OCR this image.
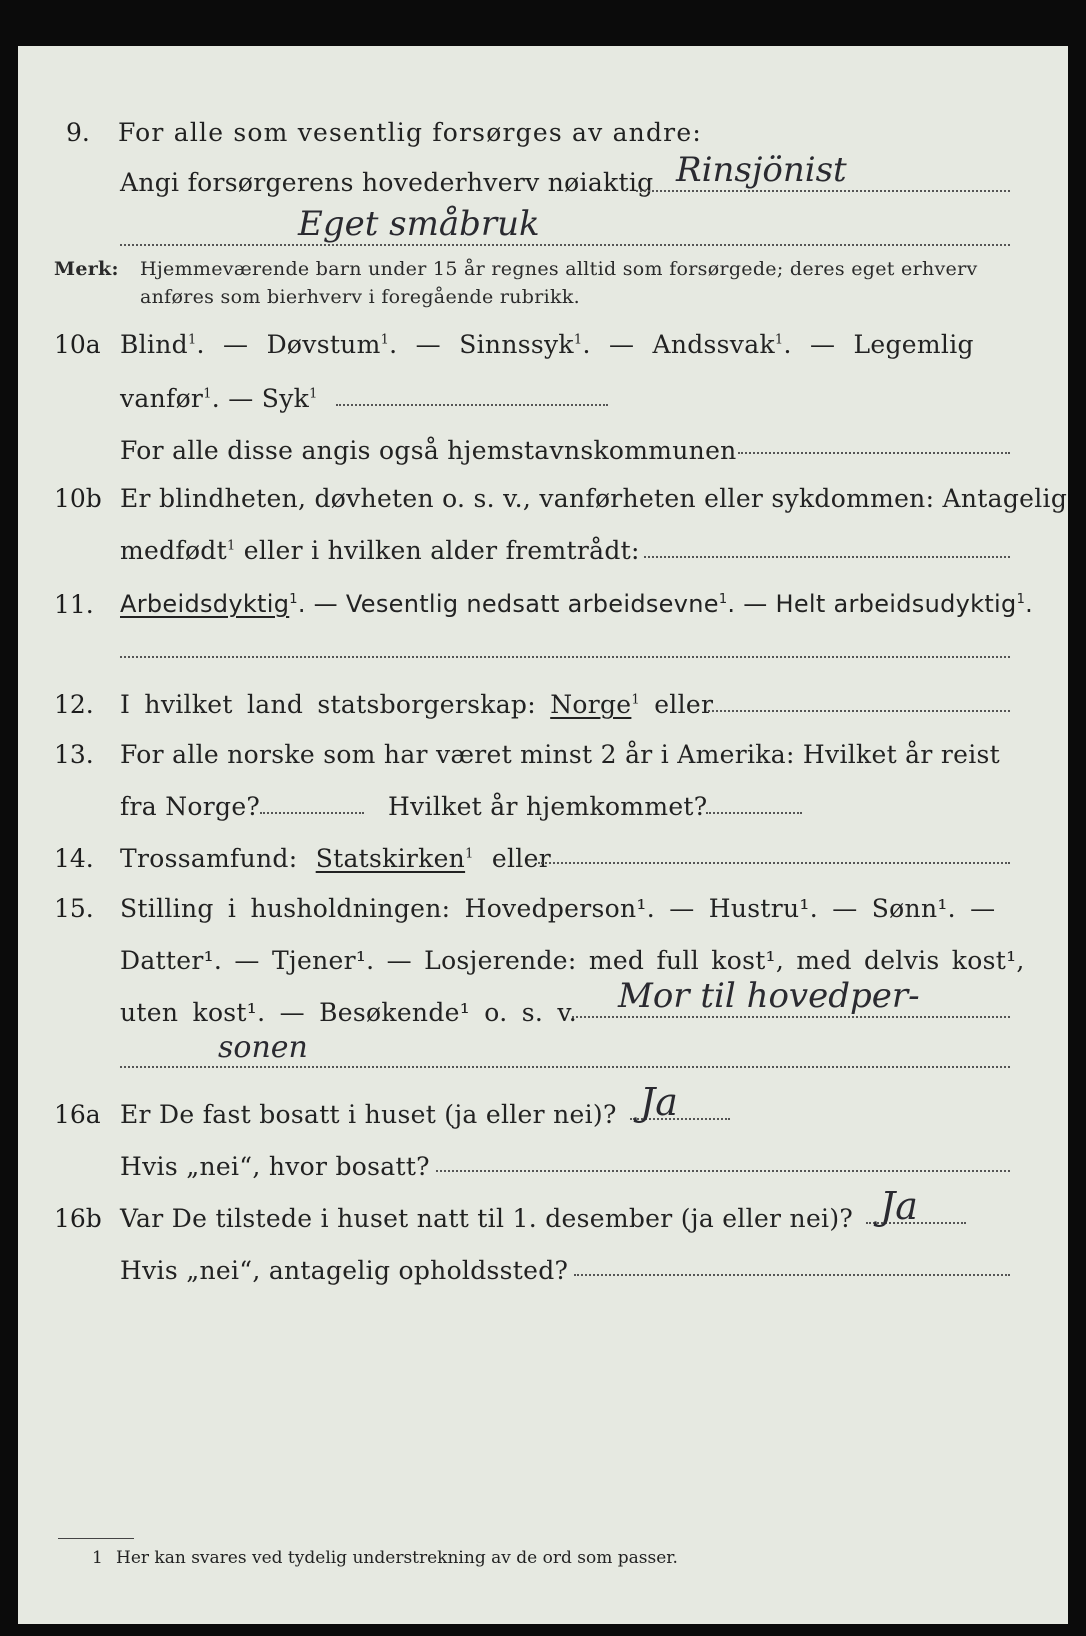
9. For alle som vesentlig forsørges av andre:
Angi forsørgerens hovederhverv nøiaktig Rinsjönist
Eget småbruk
Merk: Hjemmeværende barn under 15 år regnes alltid som forsørgede; deres eget erhverv
anføres som bierhverv i foregående rubrikk.
10a Blind$^1$. — Døvstum$^1$. — Sinnssyk$^1$. — Andssvak$^1$. — Legemlig
vanfør$^1$. — Syk$^1$
For alle disse angis også hjemstavnskommunen
10b Er blindheten, døvheten o. s. v., vanførheten eller sykdommen: Antagelig
medfødt$^1$ eller i hvilken alder fremtrådt:
11. Arbeidsdyktig$^1$. — Vesentlig nedsatt arbeidsevne$^1$. — Helt arbeidsudyktig$^1$.
12. I hvilket land statsborgerskap: Norge$^1$ eller
13. For alle norske som har været minst 2 år i Amerika: Hvilket år reist
fra Norge?	Hvilket år hjemkommet?
14. Trossamfund: Statskirken$^1$ eller
15. Stilling i husholdningen: Hovedperson¹. — Hustru¹. — Sønn¹. —
Datter¹. — Tjener¹. — Losjerende: med full kost¹, med delvis kost¹,
uten kost¹. — Besøkende¹ o. s. v. Mor til hovedper-
sonen
16a Er De fast bosatt i huset (ja eller nei)? Ja
Hvis „nei“, hvor bosatt?
16b Var De tilstede i huset natt til 1. desember (ja eller nei)? Ja
Hvis „nei“, antagelig opholdssted?
1 Her kan svares ved tydelig understrekning av de ord som passer.
